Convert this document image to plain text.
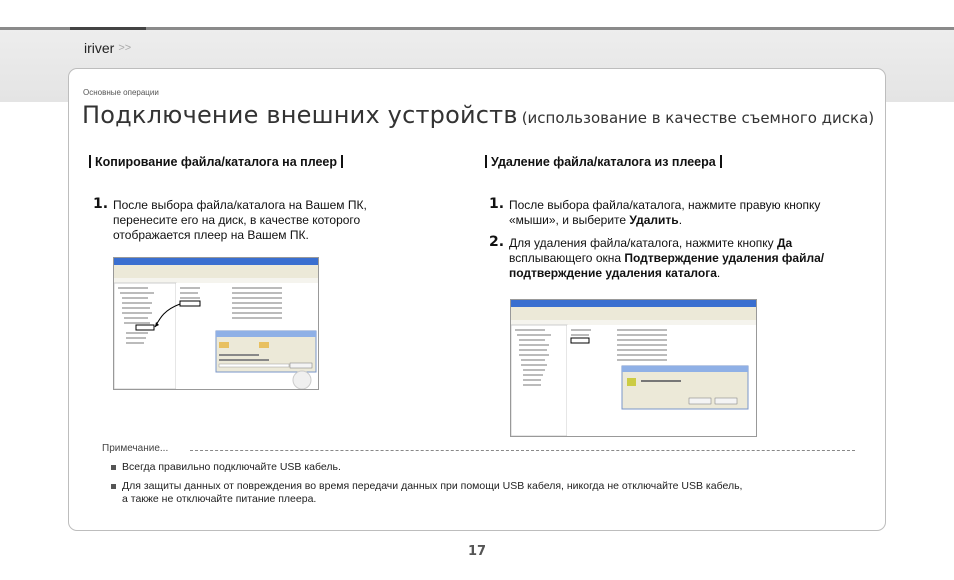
iriver >>
Основные операции
Подключение внешних устройств (использование в качестве съемного диска)
Копирование файла/каталога на плеер
1. После выбора файла/каталога на Вашем ПК, перенесите его на диск, в качестве которого отображается плеер на Вашем ПК.
Удаление файла/каталога из плеера
1. После выбора файла/каталога, нажмите правую кнопку «мыши», и выберите Удалить.
2. Для удаления файла/каталога, нажмите кнопку Да всплывающего окна Подтверждение удаления файла/подтверждение удаления каталога.
Примечание...
Всегда правильно подключайте USB кабель.
Для защиты данных от повреждения во время передачи данных при помощи USB кабеля, никогда не отключайте USB кабель,
а также не отключайте питание плеера.
17
